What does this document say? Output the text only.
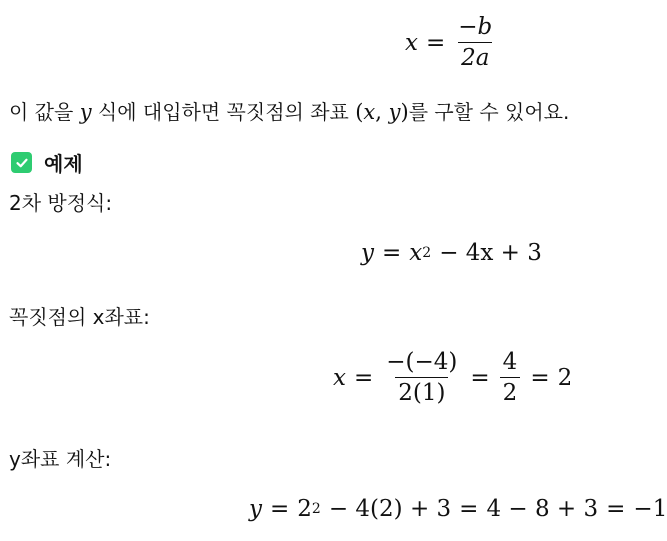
$x = \frac{-b}{2a}$
이 값을 y 식에 대입하면 꼭짓점의 좌표 (x, y)를 구할 수 있어요.
예제
2차 방정식:
y = x 2 − 4x + 3
꼭짓점의 x좌표:
$x = \frac{-(-4)}{2(1)} = \frac{4}{2} = 2$
y좌표 계산:
y = 2 2 − 4(2) + 3 = 4 − 8 + 3 = −1
